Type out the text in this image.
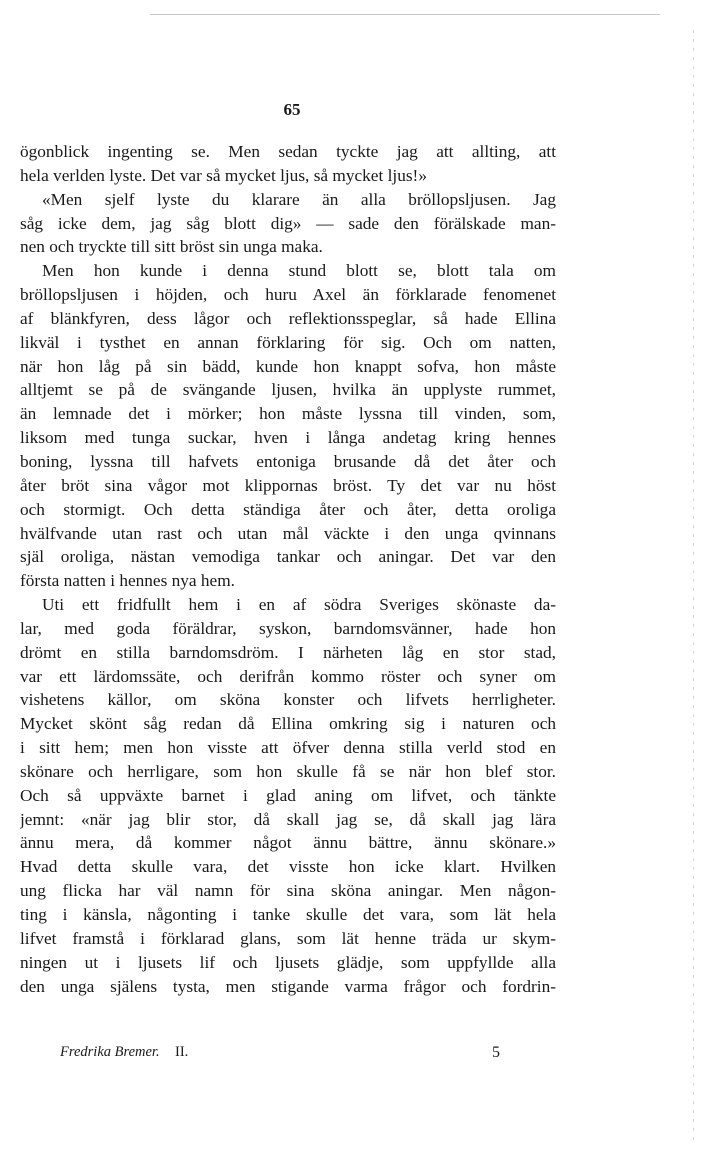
65
ögonblick ingenting se. Men sedan tyckte jag att allting, att
hela verlden lyste. Det var så mycket ljus, så mycket ljus!»
«Men sjelf lyste du klarare än alla bröllopsljusen. Jag
såg icke dem, jag såg blott dig» — sade den förälskade man-
nen och tryckte till sitt bröst sin unga maka.
Men hon kunde i denna stund blott se, blott tala om
bröllopsljusen i höjden, och huru Axel än förklarade fenomenet
af blänkfyren, dess lågor och reflektionsspeglar, så hade Ellina
likväl i tysthet en annan förklaring för sig. Och om natten,
när hon låg på sin bädd, kunde hon knappt sofva, hon måste
alltjemt se på de svängande ljusen, hvilka än upplyste rummet,
än lemnade det i mörker; hon måste lyssna till vinden, som,
liksom med tunga suckar, hven i långa andetag kring hennes
boning, lyssna till hafvets entoniga brusande då det åter och
åter bröt sina vågor mot klippornas bröst. Ty det var nu höst
och stormigt. Och detta ständiga åter och åter, detta oroliga
hvälfvande utan rast och utan mål väckte i den unga qvinnans
själ oroliga, nästan vemodiga tankar och aningar. Det var den
första natten i hennes nya hem.
Uti ett fridfullt hem i en af södra Sveriges skönaste da-
lar, med goda föräldrar, syskon, barndomsvänner, hade hon
drömt en stilla barndomsdröm. I närheten låg en stor stad,
var ett lärdomssäte, och derifrån kommo röster och syner om
vishetens källor, om sköna konster och lifvets herrligheter.
Mycket skönt såg redan då Ellina omkring sig i naturen och
i sitt hem; men hon visste att öfver denna stilla verld stod en
skönare och herrligare, som hon skulle få se när hon blef stor.
Och så uppväxte barnet i glad aning om lifvet, och tänkte
jemnt: «när jag blir stor, då skall jag se, då skall jag lära
ännu mera, då kommer något ännu bättre, ännu skönare.»
Hvad detta skulle vara, det visste hon icke klart. Hvilken
ung flicka har väl namn för sina sköna aningar. Men någon-
ting i känsla, någonting i tanke skulle det vara, som lät hela
lifvet framstå i förklarad glans, som lät henne träda ur skym-
ningen ut i ljusets lif och ljusets glädje, som uppfyllde alla
den unga själens tysta, men stigande varma frågor och fordrin-
Fredrika Bremer. II.	5
